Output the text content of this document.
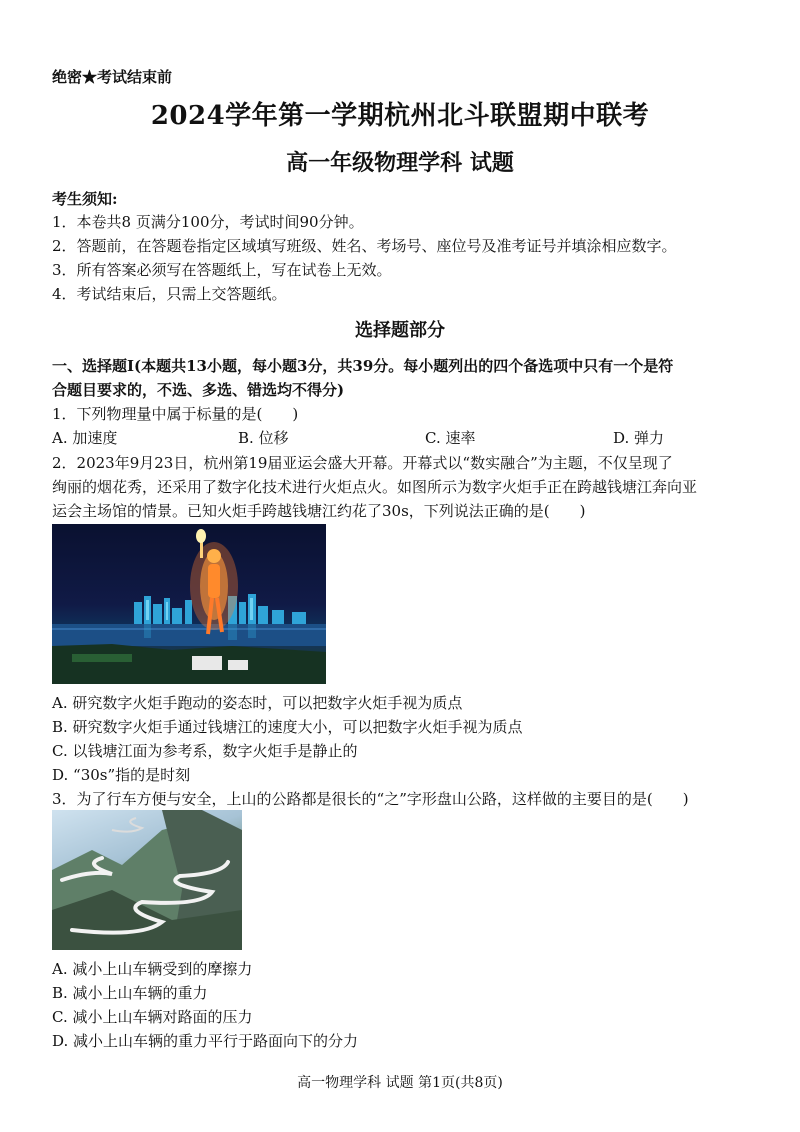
绝密★考试结束前
2024学年第一学期杭州北斗联盟期中联考
高一年级物理学科 试题
考生须知:
1．本卷共8 页满分100分，考试时间90分钟。
2．答题前，在答题卷指定区域填写班级、姓名、考场号、座位号及准考证号并填涂相应数字。
3．所有答案必须写在答题纸上，写在试卷上无效。
4．考试结束后，只需上交答题纸。
选择题部分
一、选择题Ⅰ(本题共13小题，每小题3分，共39分。每小题列出的四个备选项中只有一个是符
合题目要求的，不选、多选、错选均不得分)
1．下列物理量中属于标量的是(　　)
A. 加速度	B. 位移	C. 速率	D. 弹力
2．2023年9月23日，杭州第19届亚运会盛大开幕。开幕式以“数实融合”为主题，不仅呈现了
绚丽的烟花秀，还采用了数字化技术进行火炬点火。如图所示为数字火炬手正在跨越钱塘江奔向亚
运会主场馆的情景。已知火炬手跨越钱塘江约花了30s，下列说法正确的是(　　)
A. 研究数字火炬手跑动的姿态时，可以把数字火炬手视为质点
B. 研究数字火炬手通过钱塘江的速度大小，可以把数字火炬手视为质点
C. 以钱塘江面为参考系，数字火炬手是静止的
D. “30s”指的是时刻
3．为了行车方便与安全，上山的公路都是很长的“之”字形盘山公路，这样做的主要目的是(　　)
A. 减小上山车辆受到的摩擦力
B. 减小上山车辆的重力
C. 减小上山车辆对路面的压力
D. 减小上山车辆的重力平行于路面向下的分力
高一物理学科 试题 第1页(共8页)
